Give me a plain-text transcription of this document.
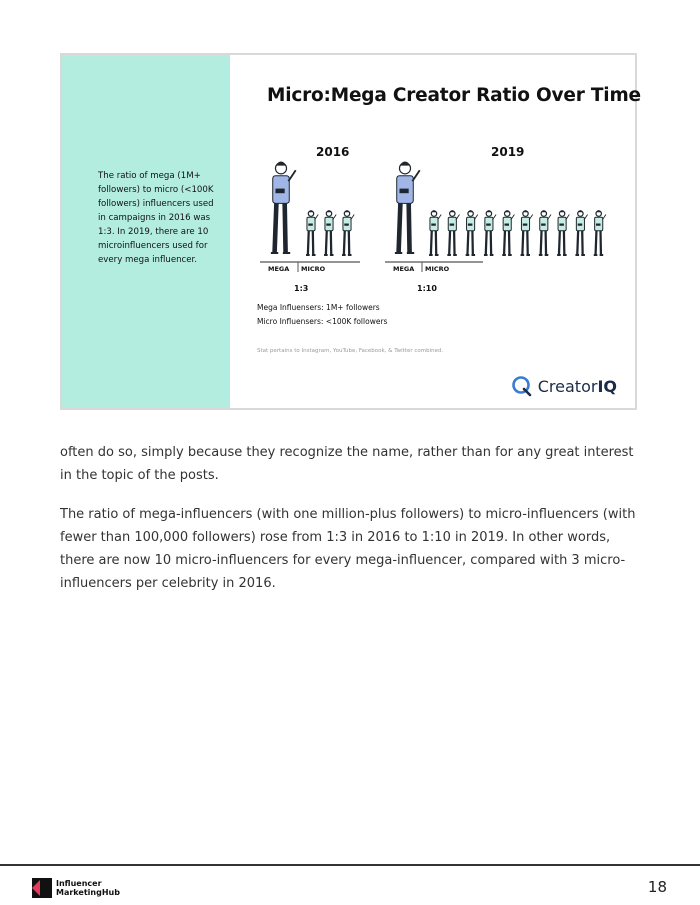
The ratio of mega (1M+ followers) to micro (<100K followers) influencers used in campaigns in 2016 was 1:3. In 2019, there are 10 microinfluencers used for every mega influencer.
Micro:Mega Creator Ratio Over Time
2016	2019
MEGA MICRO	MEGA MICRO
1:3	1:10
Mega Influensers: 1M+ followers
Micro Influensers: <100K followers
Stat pertains to Instagram, YouTube, Facebook, & Twitter combined.
CreatorIQ
often do so, simply because they recognize the name, rather than for any great interest in the topic of the posts.
The ratio of mega-influencers (with one million-plus followers) to micro-influencers (with fewer than 100,000 followers) rose from 1:3 in 2016 to 1:10 in 2019. In other words, there are now 10 micro-influencers for every mega-influencer, compared with 3 micro-influencers per celebrity in 2016.
Influencer
MarketingHub	18
